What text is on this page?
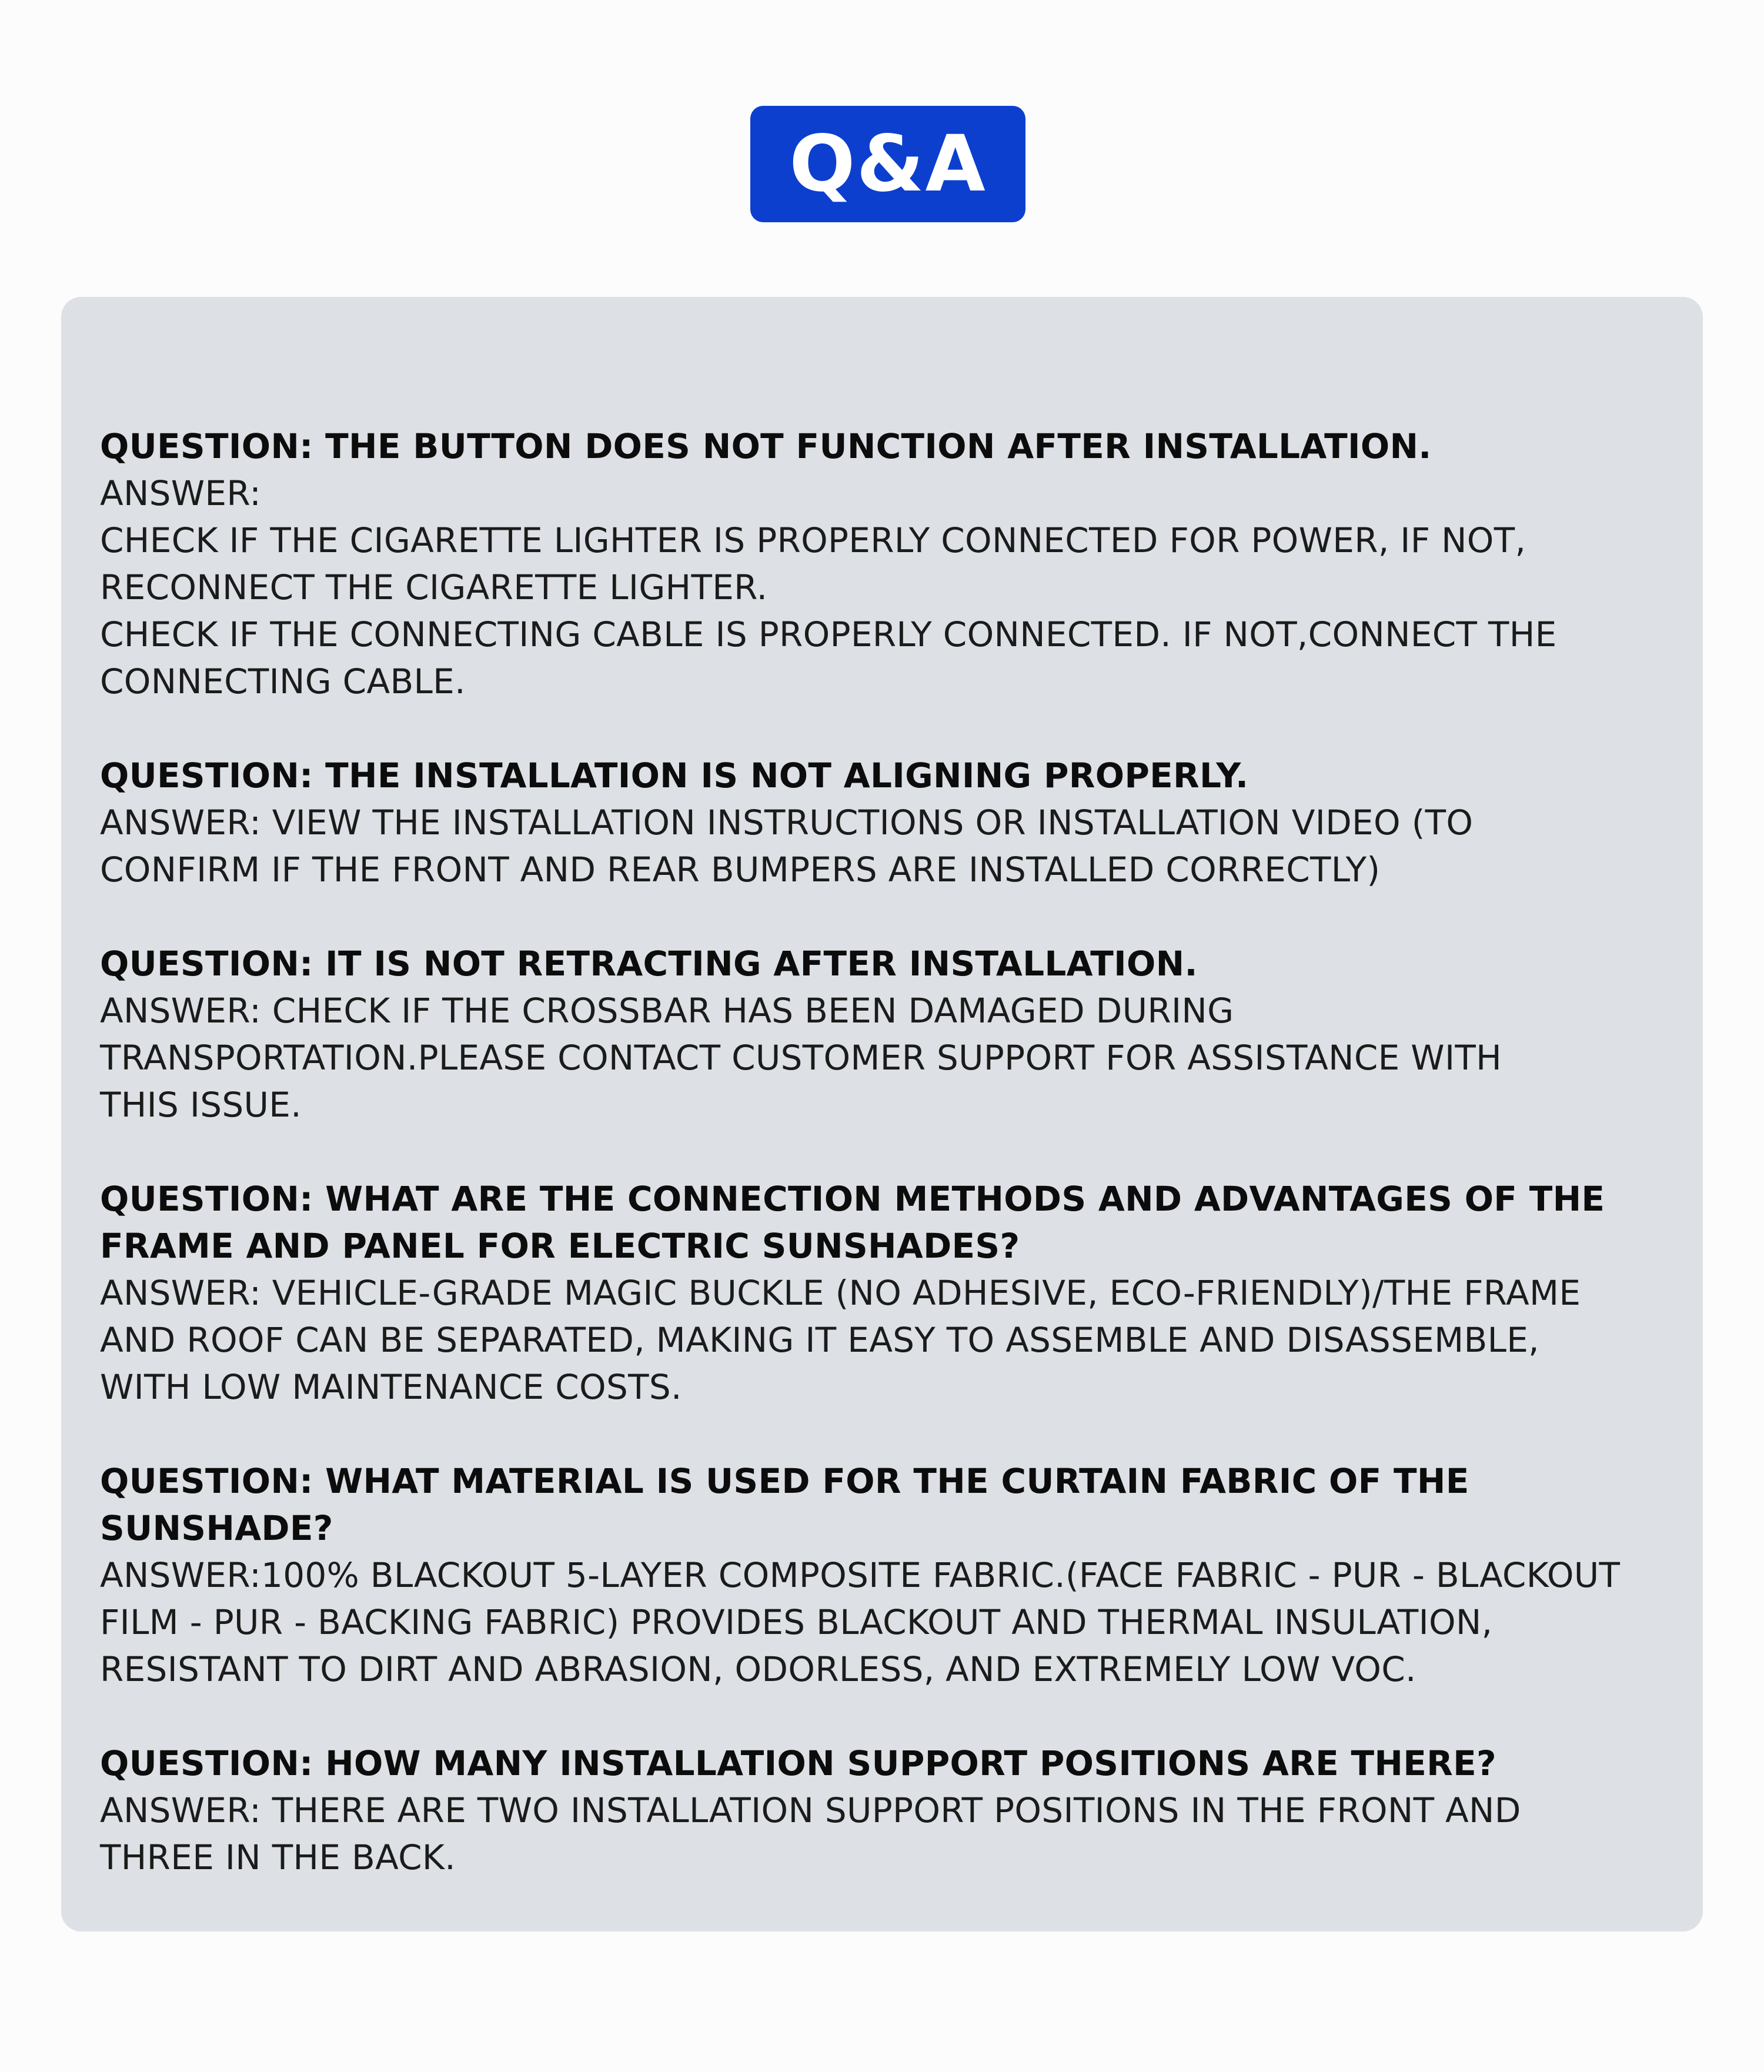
Q&A

QUESTION: THE BUTTON DOES NOT FUNCTION AFTER INSTALLATION.

ANSWER:

CHECK IF THE CIGARETTE LIGHTER IS PROPERLY CONNECTED FOR POWER, IF NOT,

RECONNECT THE CIGARETTE LIGHTER.

CHECK IF THE CONNECTING CABLE IS PROPERLY CONNECTED. IF NOT,CONNECT THE

CONNECTING CABLE.

QUESTION: THE INSTALLATION IS NOT ALIGNING PROPERLY.

ANSWER: VIEW THE INSTALLATION INSTRUCTIONS OR INSTALLATION VIDEO (TO

CONFIRM IF THE FRONT AND REAR BUMPERS ARE INSTALLED CORRECTLY)

QUESTION: IT IS NOT RETRACTING AFTER INSTALLATION.

ANSWER: CHECK IF THE CROSSBAR HAS BEEN DAMAGED DURING

TRANSPORTATION.PLEASE CONTACT CUSTOMER SUPPORT FOR ASSISTANCE WITH

THIS ISSUE.

QUESTION: WHAT ARE THE CONNECTION METHODS AND ADVANTAGES OF THE

FRAME AND PANEL FOR ELECTRIC SUNSHADES?

ANSWER: VEHICLE-GRADE MAGIC BUCKLE (NO ADHESIVE, ECO-FRIENDLY)/THE FRAME

AND ROOF CAN BE SEPARATED, MAKING IT EASY TO ASSEMBLE AND DISASSEMBLE,

WITH LOW MAINTENANCE COSTS.

QUESTION: WHAT MATERIAL IS USED FOR THE CURTAIN FABRIC OF THE

SUNSHADE?

ANSWER:100% BLACKOUT 5-LAYER COMPOSITE FABRIC.(FACE FABRIC - PUR - BLACKOUT

FILM - PUR - BACKING FABRIC) PROVIDES BLACKOUT AND THERMAL INSULATION,

RESISTANT TO DIRT AND ABRASION, ODORLESS, AND EXTREMELY LOW VOC.

QUESTION: HOW MANY INSTALLATION SUPPORT POSITIONS ARE THERE?

ANSWER: THERE ARE TWO INSTALLATION SUPPORT POSITIONS IN THE FRONT AND

THREE IN THE BACK.
